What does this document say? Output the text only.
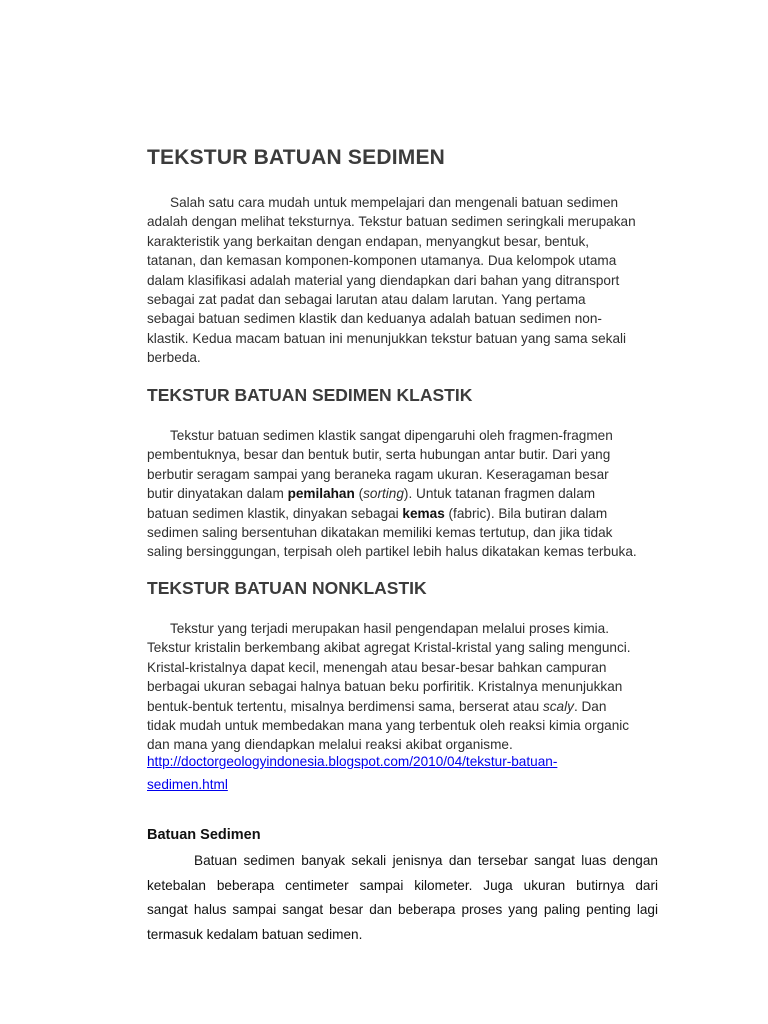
TEKSTUR BATUAN SEDIMEN
Salah satu cara mudah untuk mempelajari dan mengenali batuan sedimen
adalah dengan melihat teksturnya. Tekstur batuan sedimen seringkali merupakan
karakteristik yang berkaitan dengan endapan, menyangkut besar, bentuk,
tatanan, dan kemasan komponen-komponen utamanya. Dua kelompok utama
dalam klasifikasi adalah material yang diendapkan dari bahan yang ditransport
sebagai zat padat dan sebagai larutan atau dalam larutan. Yang pertama
sebagai batuan sedimen klastik dan keduanya adalah batuan sedimen non-
klastik. Kedua macam batuan ini menunjukkan tekstur batuan yang sama sekali
berbeda.
TEKSTUR BATUAN SEDIMEN KLASTIK
Tekstur batuan sedimen klastik sangat dipengaruhi oleh fragmen-fragmen
pembentuknya, besar dan bentuk butir, serta hubungan antar butir. Dari yang
berbutir seragam sampai yang beraneka ragam ukuran. Keseragaman besar
butir dinyatakan dalam pemilahan (sorting). Untuk tatanan fragmen dalam
batuan sedimen klastik, dinyakan sebagai kemas (fabric). Bila butiran dalam
sedimen saling bersentuhan dikatakan memiliki kemas tertutup, dan jika tidak
saling bersinggungan, terpisah oleh partikel lebih halus dikatakan kemas terbuka.
TEKSTUR BATUAN NONKLASTIK
Tekstur yang terjadi merupakan hasil pengendapan melalui proses kimia.
Tekstur kristalin berkembang akibat agregat Kristal-kristal yang saling mengunci.
Kristal-kristalnya dapat kecil, menengah atau besar-besar bahkan campuran
berbagai ukuran sebagai halnya batuan beku porfiritik. Kristalnya menunjukkan
bentuk-bentuk tertentu, misalnya berdimensi sama, berserat atau scaly. Dan
tidak mudah untuk membedakan mana yang terbentuk oleh reaksi kimia organic
dan mana yang diendapkan melalui reaksi akibat organisme.
http://doctorgeologyindonesia.blogspot.com/2010/04/tekstur-batuan-
sedimen.html
Batuan Sedimen
Batuan sedimen banyak sekali jenisnya dan tersebar sangat luas dengan
ketebalan beberapa centimeter sampai kilometer. Juga ukuran butirnya dari
sangat halus sampai sangat besar dan beberapa proses yang paling penting lagi
termasuk kedalam batuan sedimen.
